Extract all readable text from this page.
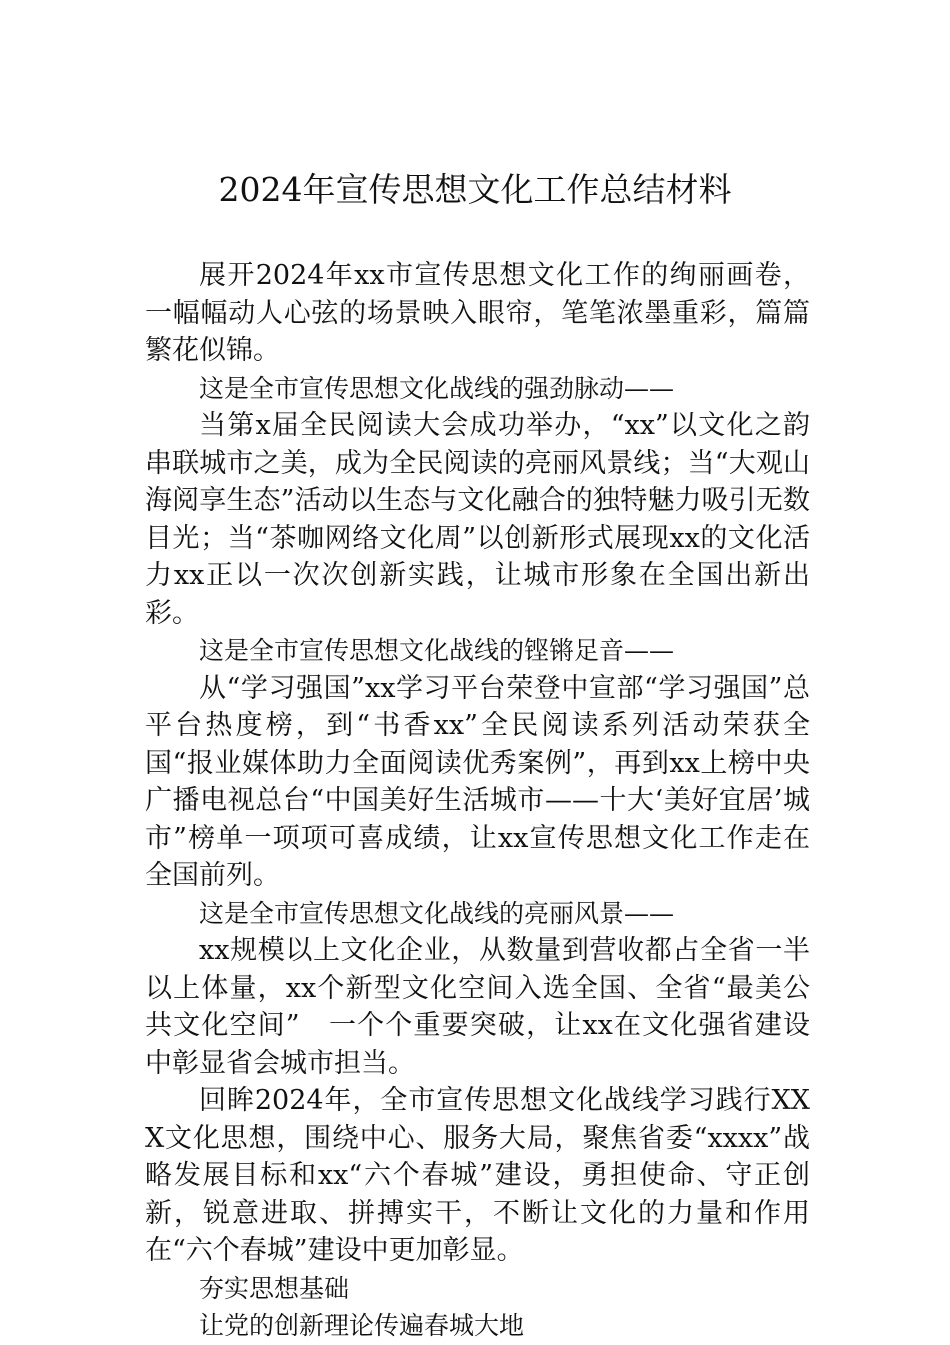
2024年宣传思想文化工作总结材料

展开2024年xx市宣传思想文化工作的绚丽画卷，一幅幅动人心弦的场景映入眼帘，笔笔浓墨重彩，篇篇繁花似锦。

这是全市宣传思想文化战线的强劲脉动——

当第x届全民阅读大会成功举办，“xx”以文化之韵串联城市之美，成为全民阅读的亮丽风景线；当“大观山海阅享生态”活动以生态与文化融合的独特魅力吸引无数目光；当“茶咖网络文化周”以创新形式展现xx的文化活力xx正以一次次创新实践，让城市形象在全国出新出彩。

这是全市宣传思想文化战线的铿锵足音——

从“学习强国”xx学习平台荣登中宣部“学习强国”总平台热度榜，到“书香xx”全民阅读系列活动荣获全国“报业媒体助力全面阅读优秀案例”，再到xx上榜中央广播电视总台“中国美好生活城市——十大‘美好宜居’城市”榜单一项项可喜成绩，让xx宣传思想文化工作走在全国前列。

这是全市宣传思想文化战线的亮丽风景——

xx规模以上文化企业，从数量到营收都占全省一半以上体量，xx个新型文化空间入选全国、全省“最美公共文化空间”　一个个重要突破，让xx在文化强省建设中彰显省会城市担当。

回眸2024年，全市宣传思想文化战线学习践行XXX文化思想，围绕中心、服务大局，聚焦省委“xxxx”战略发展目标和xx“六个春城”建设，勇担使命、守正创新，锐意进取、拼搏实干，不断让文化的力量和作用在“六个春城”建设中更加彰显。

夯实思想基础

让党的创新理论传遍春城大地
